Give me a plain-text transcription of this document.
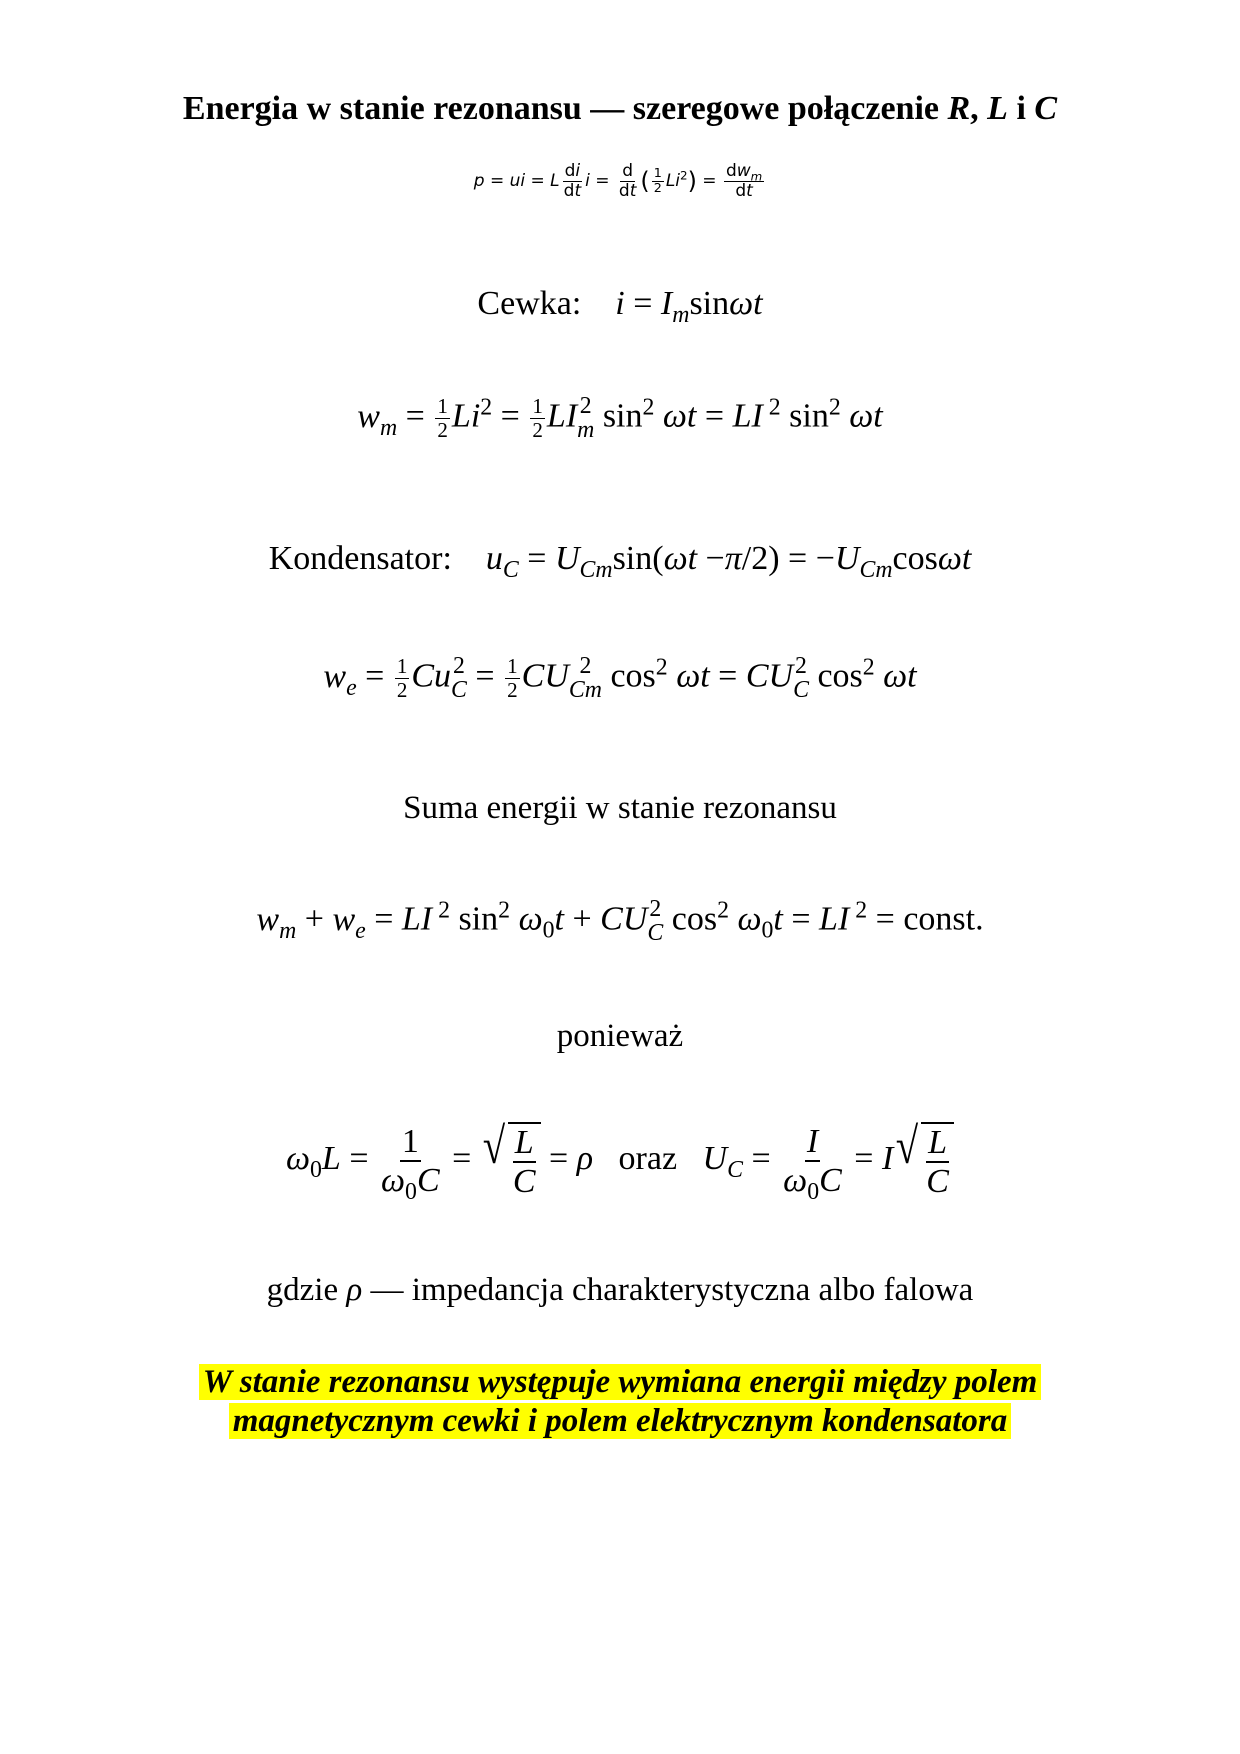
Energia w stanie rezonansu — szeregowe połączenie R, L i C
p = ui = L $\frac{di}{dt}$ $i = \frac{d}{dt}$ ( $\frac{1}{2} Li^2) = \frac{dw_m}{dt}$
Cewka: $i = I_m\sin\omega t$
$w_m = \frac{1}{2} Li^2 = \frac{1}{2}$ LI 2
m $\sin^2 \omega t$ = LI $^2$ $\sin^2 \omega t$
Kondensator: $u_C = U_{Cm}\sin(\omega t -\pi/2) = -U_{Cm}\cos\omega t$
$w_e = \frac{1}{2}$ Cu 2
$C = \frac{1}{2}$ CU 2
Cm $\cos^2 \omega t$ = CU 2
C $\cos^2 \omega t$
Suma energii w stanie rezonansu
$w_m + w_e$ = LI $^2$ $\sin^2 \omega_0t$ + CU 2
C $\cos^2 \omega_0t$ = LI $^2$ = const.
ponieważ
$\omega_0L = \frac{1}{\omega_0C}$ = √ $\frac{L}{C} = \rho$ oraz $U_C = \frac{I}{\omega_0C} = I$ √ $\frac{L}{C}$
gdzie ρ — impedancja charakterystyczna albo falowa
W stanie rezonansu występuje wymiana energii między polem
magnetycznym cewki i polem elektrycznym kondensatora
